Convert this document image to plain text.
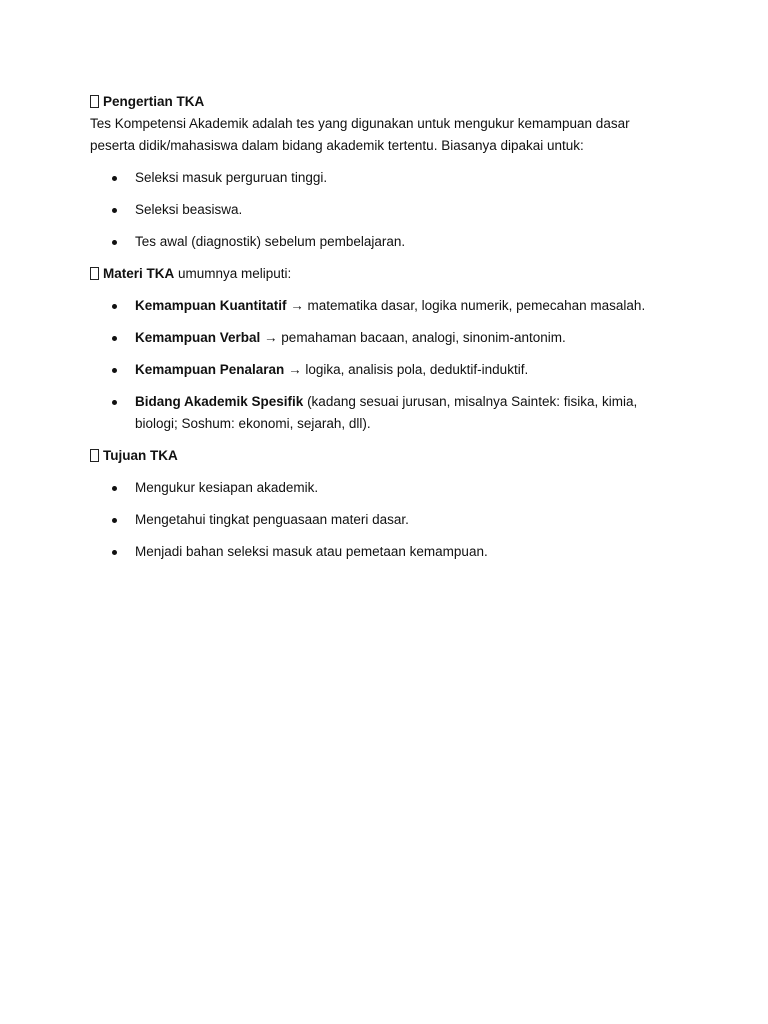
Pengertian TKA

Tes Kompetensi Akademik adalah tes yang digunakan untuk mengukur kemampuan dasar peserta didik/mahasiswa dalam bidang akademik tertentu. Biasanya dipakai untuk:

Seleksi masuk perguruan tinggi.
Seleksi beasiswa.
Tes awal (diagnostik) sebelum pembelajaran.

Materi TKA umumnya meliputi:

Kemampuan Kuantitatif → matematika dasar, logika numerik, pemecahan masalah.
Kemampuan Verbal → pemahaman bacaan, analogi, sinonim-antonim.
Kemampuan Penalaran → logika, analisis pola, deduktif-induktif.
Bidang Akademik Spesifik (kadang sesuai jurusan, misalnya Saintek: fisika, kimia, biologi; Soshum: ekonomi, sejarah, dll).

Tujuan TKA

Mengukur kesiapan akademik.
Mengetahui tingkat penguasaan materi dasar.
Menjadi bahan seleksi masuk atau pemetaan kemampuan.
